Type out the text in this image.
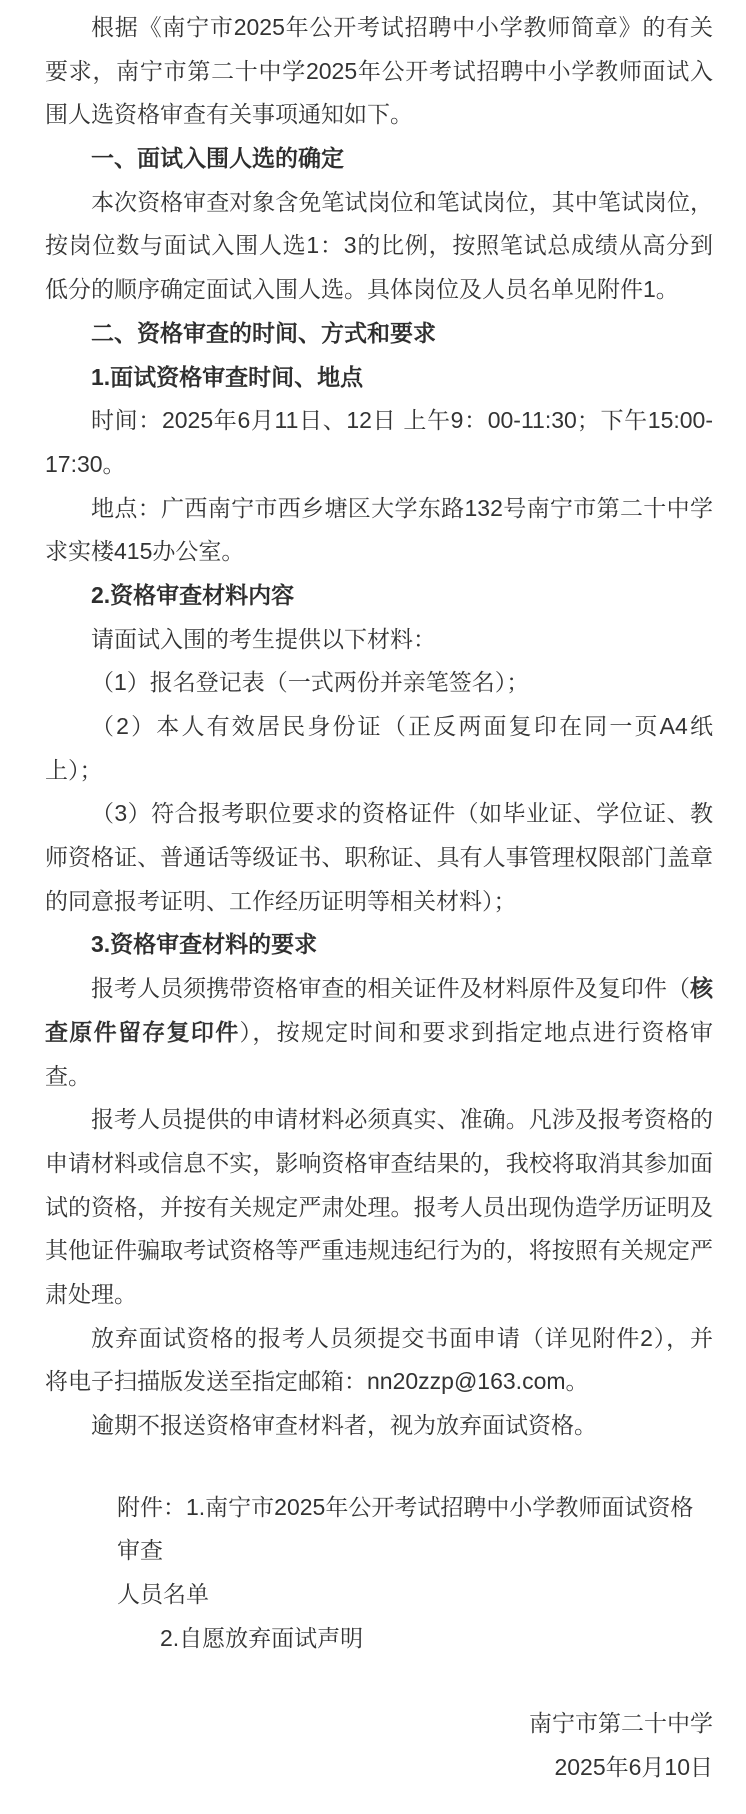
根据《南宁市2025年公开考试招聘中小学教师简章》的有关要求，南宁市第二十中学2025年公开考试招聘中小学教师面试入围人选资格审查有关事项通知如下。

一、面试入围人选的确定

本次资格审查对象含免笔试岗位和笔试岗位，其中笔试岗位，按岗位数与面试入围人选1：3的比例，按照笔试总成绩从高分到低分的顺序确定面试入围人选。具体岗位及人员名单见附件1。

二、资格审查的时间、方式和要求

1.面试资格审查时间、地点

时间：2025年6月11日、12日 上午9：00-11:30；下午15:00-17:30。

地点：广西南宁市西乡塘区大学东路132号南宁市第二十中学求实楼415办公室。

2.资格审查材料内容

请面试入围的考生提供以下材料：

（1）报名登记表（一式两份并亲笔签名）；

（2）本人有效居民身份证（正反两面复印在同一页A4纸上）；

（3）符合报考职位要求的资格证件（如毕业证、学位证、教师资格证、普通话等级证书、职称证、具有人事管理权限部门盖章的同意报考证明、工作经历证明等相关材料）；

3.资格审查材料的要求

报考人员须携带资格审查的相关证件及材料原件及复印件（核查原件留存复印件），按规定时间和要求到指定地点进行资格审查。

报考人员提供的申请材料必须真实、准确。凡涉及报考资格的申请材料或信息不实，影响资格审查结果的，我校将取消其参加面试的资格，并按有关规定严肃处理。报考人员出现伪造学历证明及其他证件骗取考试资格等严重违规违纪行为的，将按照有关规定严肃处理。

放弃面试资格的报考人员须提交书面申请（详见附件2），并将电子扫描版发送至指定邮箱：nn20zzp@163.com。

逾期不报送资格审查材料者，视为放弃面试资格。

附件：1.南宁市2025年公开考试招聘中小学教师面试资格审查

人员名单

2.自愿放弃面试声明

南宁市第二十中学

2025年6月10日
